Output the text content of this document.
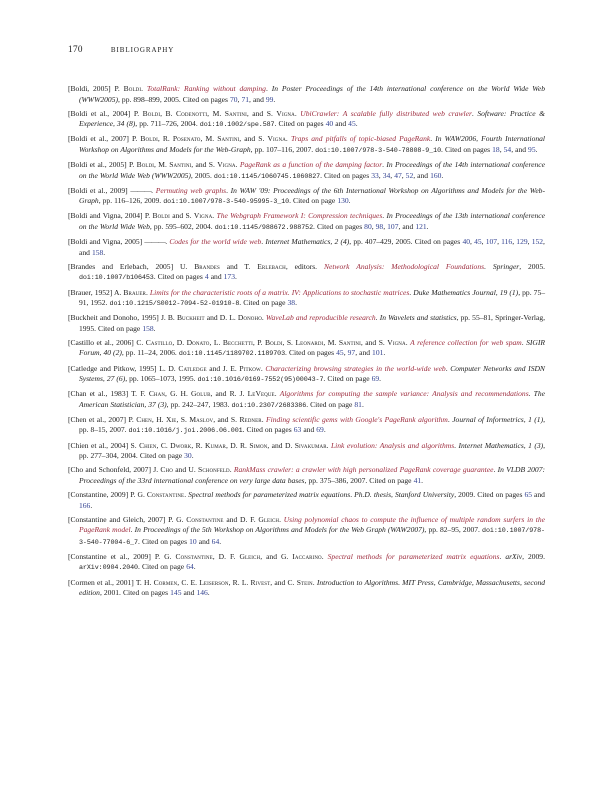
170	bibliography
[Boldi, 2005] P. Boldi. TotalRank: Ranking without damping. In Poster Proceedings of the 14th international conference on the World Wide Web (WWW2005), pp. 898–899, 2005. Cited on pages 70, 71, and 99.
[Boldi et al., 2004] P. Boldi, B. Codenotti, M. Santini, and S. Vigna. UbiCrawler: A scalable fully distributed web crawler. Software: Practice & Experience, 34 (8), pp. 711–726, 2004. doi:10.1002/spe.587. Cited on pages 40 and 45.
[Boldi et al., 2007] P. Boldi, R. Posenato, M. Santini, and S. Vigna. Traps and pitfalls of topic-biased PageRank. In WAW2006, Fourth International Workshop on Algorithms and Models for the Web-Graph, pp. 107–116, 2007. doi:10.1007/978-3-540-78808-9_10. Cited on pages 18, 54, and 95.
[Boldi et al., 2005] P. Boldi, M. Santini, and S. Vigna. PageRank as a function of the damping factor. In Proceedings of the 14th international conference on the World Wide Web (WWW2005), 2005. doi:10.1145/1060745.1060827. Cited on pages 33, 34, 47, 52, and 160.
[Boldi et al., 2009] ———. Permuting web graphs. In WAW '09: Proceedings of the 6th International Workshop on Algorithms and Models for the Web-Graph, pp. 116–126, 2009. doi:10.1007/978-3-540-95995-3_10. Cited on page 130.
[Boldi and Vigna, 2004] P. Boldi and S. Vigna. The Webgraph Framework I: Compression techniques. In Proceedings of the 13th international conference on the World Wide Web, pp. 595–602, 2004. doi:10.1145/988672.988752. Cited on pages 80, 98, 107, and 121.
[Boldi and Vigna, 2005] ———. Codes for the world wide web. Internet Mathematics, 2 (4), pp. 407–429, 2005. Cited on pages 40, 45, 107, 116, 129, 152, and 158.
[Brandes and Erlebach, 2005] U. Brandes and T. Erlebach, editors. Network Analysis: Methodological Foundations. Springer, 2005. doi:10.1007/b106453. Cited on pages 4 and 173.
[Brauer, 1952] A. Brauer. Limits for the characteristic roots of a matrix. IV: Applications to stochastic matrices. Duke Mathematics Journal, 19 (1), pp. 75–91, 1952. doi:10.1215/S0012-7094-52-01910-8. Cited on page 38.
[Buckheit and Donoho, 1995] J. B. Buckheit and D. L. Donoho. WaveLab and reproducible research. In Wavelets and statistics, pp. 55–81, Springer-Verlag, 1995. Cited on page 158.
[Castillo et al., 2006] C. Castillo, D. Donato, L. Becchetti, P. Boldi, S. Leonardi, M. Santini, and S. Vigna. A reference collection for web spam. SIGIR Forum, 40 (2), pp. 11–24, 2006. doi:10.1145/1189702.1189703. Cited on pages 45, 97, and 101.
[Catledge and Pitkow, 1995] L. D. Catledge and J. E. Pitkow. Characterizing browsing strategies in the world-wide web. Computer Networks and ISDN Systems, 27 (6), pp. 1065–1073, 1995. doi:10.1016/0169-7552(95)00043-7. Cited on page 69.
[Chan et al., 1983] T. F. Chan, G. H. Golub, and R. J. LeVeque. Algorithms for computing the sample variance: Analysis and recommendations. The American Statistician, 37 (3), pp. 242–247, 1983. doi:10.2307/2683386. Cited on page 81.
[Chen et al., 2007] P. Chen, H. Xie, S. Maslov, and S. Redner. Finding scientific gems with Google's PageRank algorithm. Journal of Informetrics, 1 (1), pp. 8–15, 2007. doi:10.1016/j.joi.2006.06.001. Cited on pages 63 and 69.
[Chien et al., 2004] S. Chien, C. Dwork, R. Kumar, D. R. Simon, and D. Sivakumar. Link evolution: Analysis and algorithms. Internet Mathematics, 1 (3), pp. 277–304, 2004. Cited on page 30.
[Cho and Schonfeld, 2007] J. Cho and U. Schonfeld. RankMass crawler: a crawler with high personalized PageRank coverage guarantee. In VLDB 2007: Proceedings of the 33rd international conference on very large data bases, pp. 375–386, 2007. Cited on page 41.
[Constantine, 2009] P. G. Constantine. Spectral methods for parameterized matrix equations. Ph.D. thesis, Stanford University, 2009. Cited on pages 65 and 166.
[Constantine and Gleich, 2007] P. G. Constantine and D. F. Gleich. Using polynomial chaos to compute the influence of multiple random surfers in the PageRank model. In Proceedings of the 5th Workshop on Algorithms and Models for the Web Graph (WAW2007), pp. 82–95, 2007. doi:10.1007/978-3-540-77004-6_7. Cited on pages 10 and 64.
[Constantine et al., 2009] P. G. Constantine, D. F. Gleich, and G. Iaccarino. Spectral methods for parameterized matrix equations. arXiv, 2009. arXiv:0904.2040. Cited on page 64.
[Cormen et al., 2001] T. H. Cormen, C. E. Leiserson, R. L. Rivest, and C. Stein. Introduction to Algorithms. MIT Press, Cambridge, Massachusetts, second edition, 2001. Cited on pages 145 and 146.
